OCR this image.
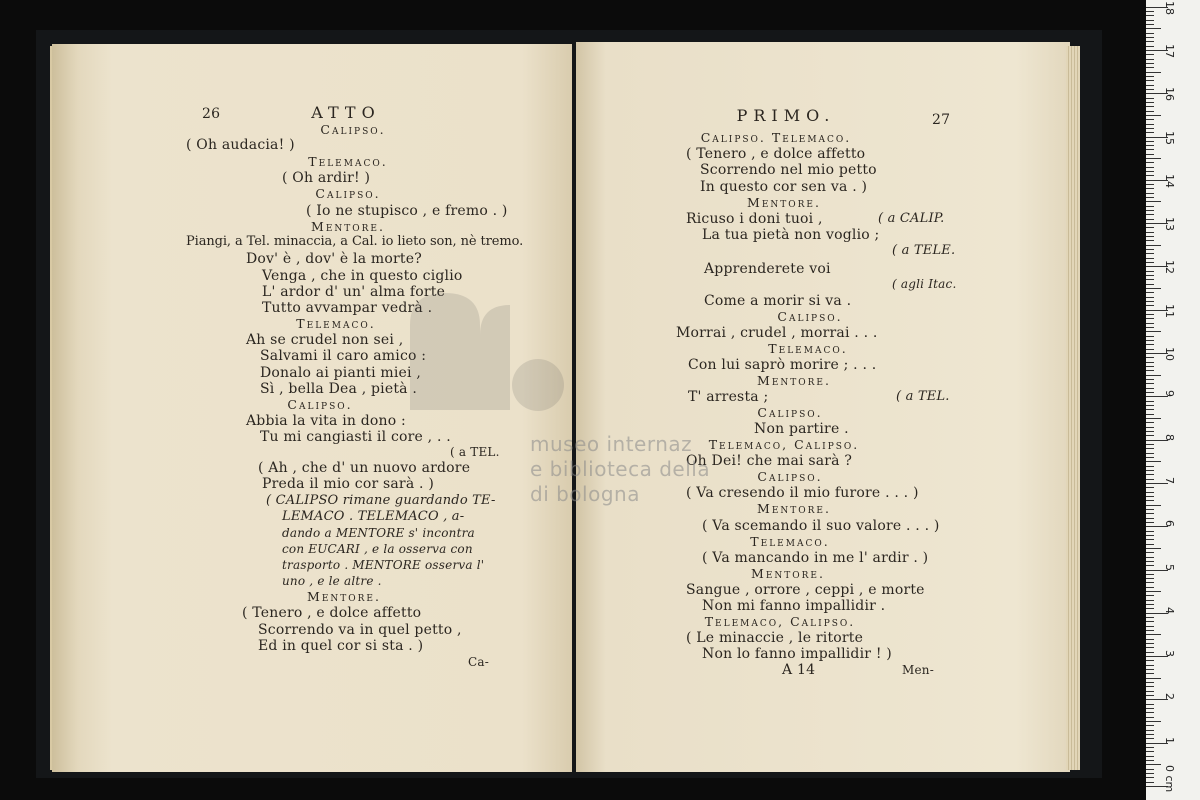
26	ATTO
Calipso.
( Oh audacia! )
Telemaco.
( Oh ardir! )
Calipso.
( Io ne stupisco , e fremo . )
Mentore.
Piangi, a Tel. minaccia, a Cal. io lieto son, nè tremo.
Dov' è , dov' è la morte?
Venga , che in questo ciglio
L' ardor d' un' alma forte
Tutto avvampar vedrà .
Telemaco.
Ah se crudel non sei ,
Salvami il caro amico :
Donalo ai pianti miei ,
Sì , bella Dea , pietà .
Calipso.
Abbia la vita in dono :
Tu mi cangiasti il core , . .
( a TEL.
( Ah , che d' un nuovo ardore
Preda il mio cor sarà . )
( CALIPSO rimane guardando TE-
LEMACO . TELEMACO , a-
dando a MENTORE s' incontra
con EUCARI , e la osserva con
trasporto . MENTORE osserva l'
uno , e le altre .
Mentore.
( Tenero , e dolce affetto
Scorrendo va in quel petto ,
Ed in quel cor si sta . )
Ca-
PRIMO.	27
Calipso. Telemaco.
( Tenero , e dolce affetto
Scorrendo nel mio petto
In questo cor sen va . )
Mentore.
Ricuso i doni tuoi ,	( a CALIP.
La tua pietà non voglio ;
( a TELE.
Apprenderete voi
( agli Itac.
Come a morir si va .
Calipso.
Morrai , crudel , morrai . . .
Telemaco.
Con lui saprò morire ; . . .
Mentore.
T' arresta ;	( a TEL.
Calipso.
Non partire .
Telemaco, Calipso.
Oh Dei! che mai sarà ?
Calipso.
( Va cresendo il mio furore . . . )
Mentore.
( Va scemando il suo valore . . . )
Telemaco.
( Va mancando in me l' ardir . )
Mentore.
Sangue , orrore , ceppi , e morte
Non mi fanno impallidir .
Telemaco, Calipso.
( Le minaccie , le ritorte
Non lo fanno impallidir ! )
A 14	Men-
museo internaz
e biblioteca della
di bologna
0 cm
1
2
3
4
5
6
7
8
9
10
11
12
13
14
15
16
17
18
